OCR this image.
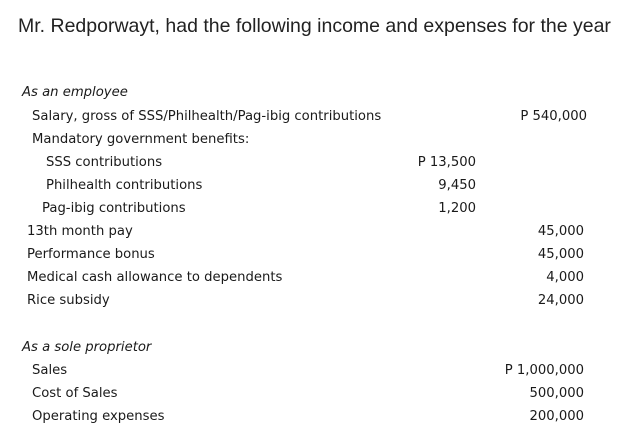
Mr. Redporwayt, had the following income and expenses for the year
As an employee
Salary, gross of SSS/Philhealth/Pag-ibig contributions	P 540,000
Mandatory government benefits:
SSS contributions	P 13,500
Philhealth contributions	9,450
Pag-ibig contributions	1,200
13th month pay	45,000
Performance bonus	45,000
Medical cash allowance to dependents	4,000
Rice subsidy	24,000
As a sole proprietor
Sales	P 1,000,000
Cost of Sales	500,000
Operating expenses	200,000
